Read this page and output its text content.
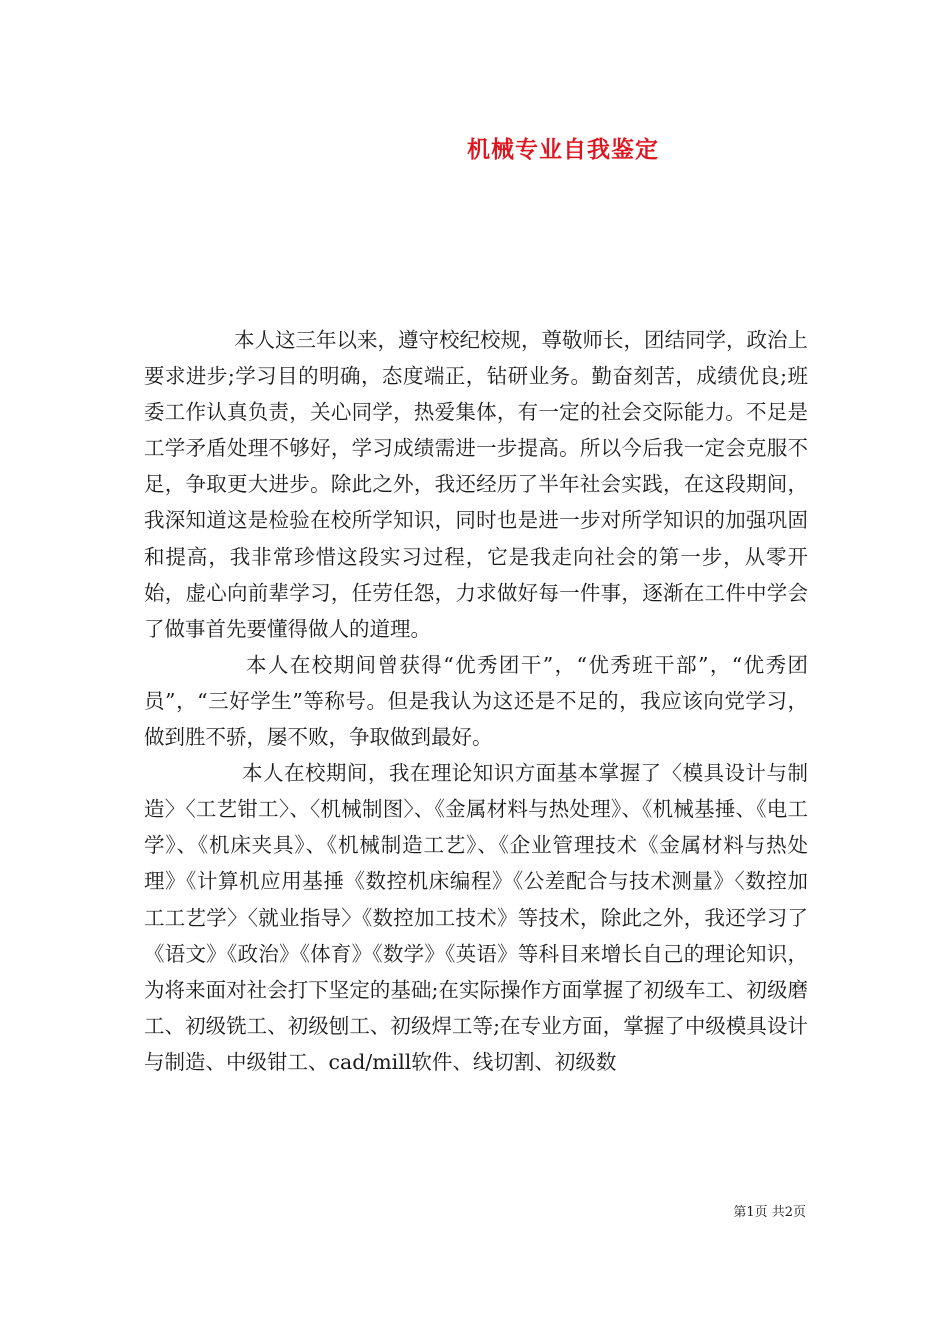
机械专业自我鉴定

本人这三年以来，遵守校纪校规，尊敬师长，团结同学，政治上要求进步;学习目的明确，态度端正，钻研业务。勤奋刻苦，成绩优良;班委工作认真负责，关心同学，热爱集体，有一定的社会交际能力。不足是工学矛盾处理不够好，学习成绩需进一步提高。所以今后我一定会克服不足，争取更大进步。除此之外，我还经历了半年社会实践，在这段期间，我深知道这是检验在校所学知识，同时也是进一步对所学知识的加强巩固和提高，我非常珍惜这段实习过程，它是我走向社会的第一步，从零开始，虚心向前辈学习，任劳任怨，力求做好每一件事，逐渐在工件中学会了做事首先要懂得做人的道理。

本人在校期间曾获得“优秀团干”，“优秀班干部”，“优秀团员”，“三好学生”等称号。但是我认为这还是不足的，我应该向党学习，做到胜不骄，屡不败，争取做到最好。

本人在校期间，我在理论知识方面基本掌握了〈模具设计与制造〉〈工艺钳工〉、〈机械制图〉、《金属材料与热处理》、《机械基捶、《电工学》、《机床夹具》、《机械制造工艺》、《企业管理技术《金属材料与热处理》《计算机应用基捶《数控机床编程》《公差配合与技术测量》〈数控加工工艺学〉〈就业指导〉《数控加工技术》等技术，除此之外，我还学习了《语文》《政治》《体育》《数学》《英语》等科目来增长自己的理论知识，为将来面对社会打下坚定的基础;在实际操作方面掌握了初级车工、初级磨工、初级铣工、初级刨工、初级焊工等;在专业方面，掌握了中级模具设计与制造、中级钳工、cad/mill软件、线切割、初级数

第1页 共2页
